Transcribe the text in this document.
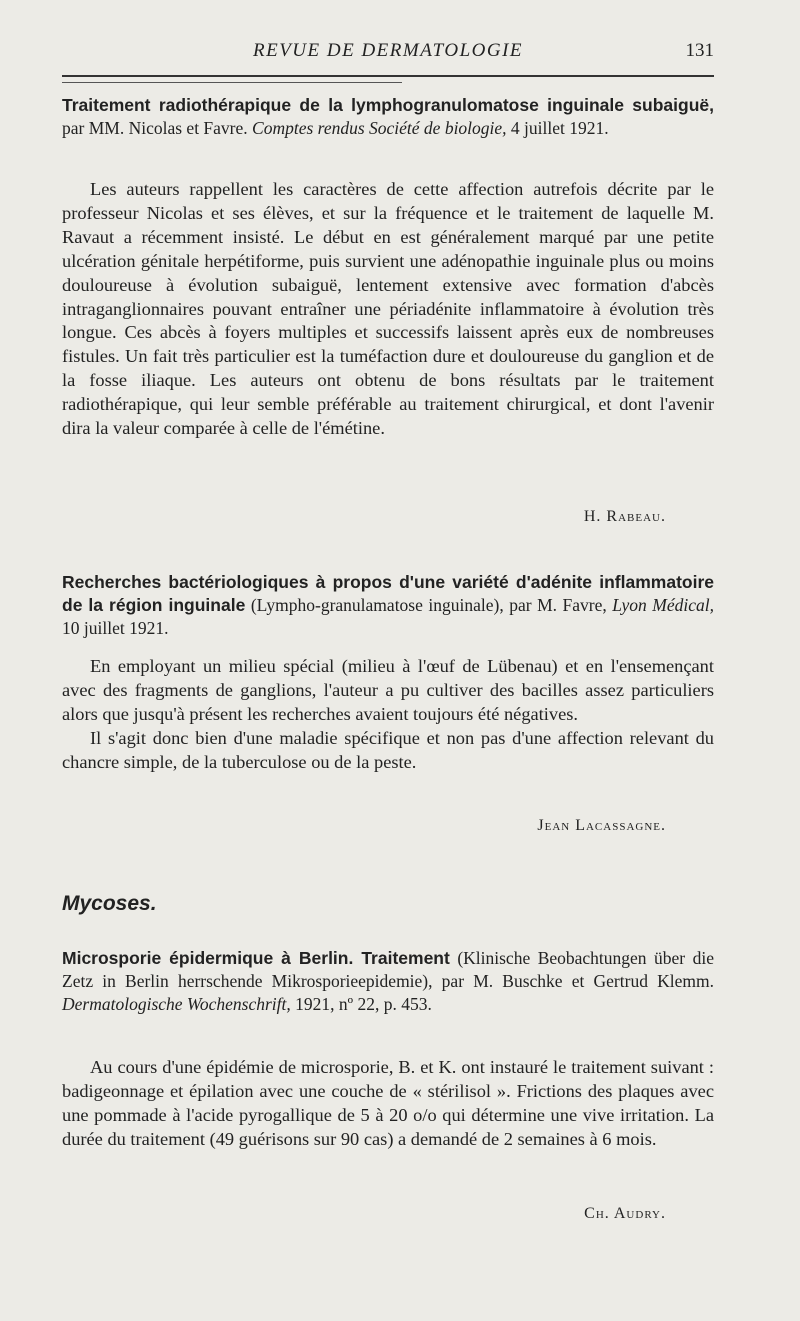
REVUE DE DERMATOLOGIE	131
Traitement radiothérapique de la lymphogranulomatose inguinale subaiguë, par MM. Nicolas et Favre. Comptes rendus Société de biologie, 4 juillet 1921.

Les auteurs rappellent les caractères de cette affection autrefois décrite par le professeur Nicolas et ses élèves, et sur la fréquence et le traitement de laquelle M. Ravaut a récemment insisté. Le début en est généralement marqué par une petite ulcération génitale herpétiforme, puis survient une adénopathie inguinale plus ou moins douloureuse à évolution subaiguë, lentement extensive avec formation d'abcès intraganglionnaires pouvant entraîner une périadénite inflammatoire à évolution très longue. Ces abcès à foyers multiples et successifs laissent après eux de nombreuses fistules. Un fait très particulier est la tuméfaction dure et douloureuse du ganglion et de la fosse iliaque. Les auteurs ont obtenu de bons résultats par le traitement radiothérapique, qui leur semble préférable au traitement chirurgical, et dont l'avenir dira la valeur comparée à celle de l'émétine.

H. Rabeau.
Recherches bactériologiques à propos d'une variété d'adénite inflammatoire de la région inguinale (Lympho-granulamatose inguinale), par M. Favre, Lyon Médical, 10 juillet 1921.

En employant un milieu spécial (milieu à l'œuf de Lübenau) et en l'ensemençant avec des fragments de ganglions, l'auteur a pu cultiver des bacilles assez particuliers alors que jusqu'à présent les recherches avaient toujours été négatives.

Il s'agit donc bien d'une maladie spécifique et non pas d'une affection relevant du chancre simple, de la tuberculose ou de la peste.

Jean Lacassagne.
Mycoses.
Microsporie épidermique à Berlin. Traitement (Klinische Beobachtungen über die Zetz in Berlin herrschende Mikrosporieepidemie), par M. Buschke et Gertrud Klemm. Dermatologische Wochenschrift, 1921, nº 22, p. 453.

Au cours d'une épidémie de microsporie, B. et K. ont instauré le traitement suivant : badigeonnage et épilation avec une couche de « stérilisol ». Frictions des plaques avec une pommade à l'acide pyrogallique de 5 à 20 o/o qui détermine une vive irritation. La durée du traitement (49 guérisons sur 90 cas) a demandé de 2 semaines à 6 mois.

Ch. Audry.
